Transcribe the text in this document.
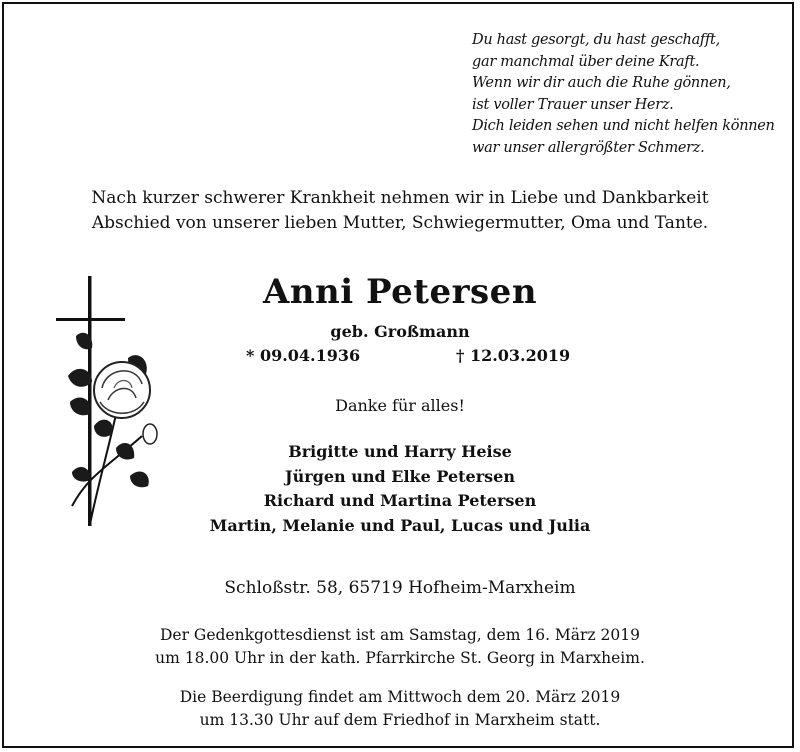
Du hast gesorgt, du hast geschafft,
gar manchmal über deine Kraft.
Wenn wir dir auch die Ruhe gönnen,
ist voller Trauer unser Herz.
Dich leiden sehen und nicht helfen können
war unser allergrößter Schmerz.
Nach kurzer schwerer Krankheit nehmen wir in Liebe und Dankbarkeit
Abschied von unserer lieben Mutter, Schwiegermutter, Oma und Tante.
Anni Petersen
geb. Großmann
* 09.04.1936	† 12.03.2019
Danke für alles!
Brigitte und Harry Heise
Jürgen und Elke Petersen
Richard und Martina Petersen
Martin, Melanie und Paul, Lucas und Julia
Schloßstr. 58, 65719 Hofheim-Marxheim
Der Gedenkgottesdienst ist am Samstag, dem 16. März 2019
um 18.00 Uhr in der kath. Pfarrkirche St. Georg in Marxheim.
Die Beerdigung findet am Mittwoch dem 20. März 2019
um 13.30 Uhr auf dem Friedhof in Marxheim statt.
